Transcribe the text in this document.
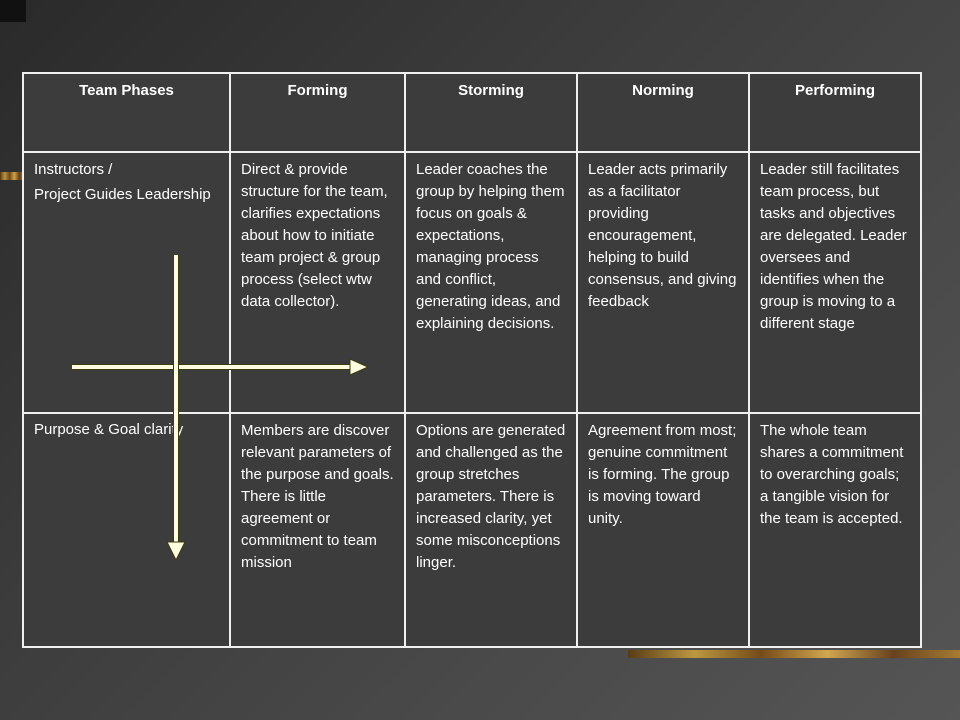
Team Phases	Forming	Storming	Norming	Performing

Instructors /
Project Guides Leadership	Direct & provide structure for the team, clarifies expectations about how to initiate team project & group process (select wtw data collector).	Leader coaches the group by helping them focus on goals & expectations, managing process and conflict, generating ideas, and explaining decisions.	Leader acts primarily as a facilitator providing encouragement, helping to build consensus, and giving feedback	Leader still facilitates team process, but tasks and objectives are delegated. Leader oversees and identifies when the group is moving to a different stage

Purpose & Goal clarity	Members are discover relevant parameters of the purpose and goals. There is little agreement or commitment to team mission	Options are generated and challenged as the group stretches parameters. There is increased clarity, yet some misconceptions linger.	Agreement from most; genuine commitment is forming. The group is moving toward unity.	The whole team shares a commitment to overarching goals; a tangible vision for the team is accepted.
